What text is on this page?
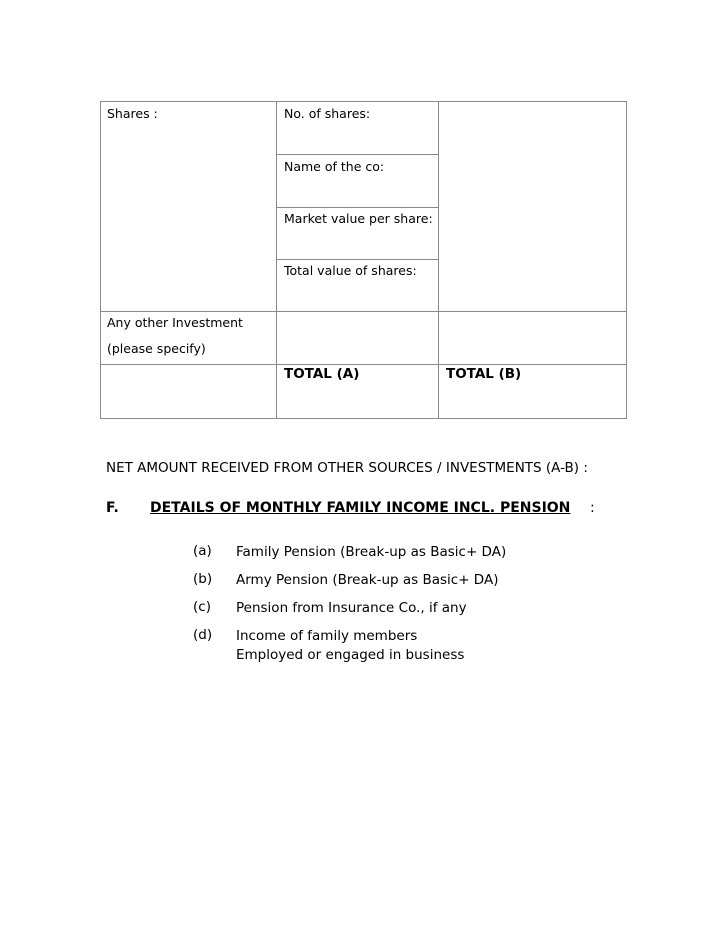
Shares :	No. of shares:
Name of the co:
Market value per share:
Total value of shares:
Any other Investment
(please specify)
TOTAL (A)	TOTAL (B)
NET AMOUNT RECEIVED FROM OTHER SOURCES / INVESTMENTS (A-B) :
F. DETAILS OF MONTHLY FAMILY INCOME INCL. PENSION :
(a) Family Pension (Break-up as Basic+ DA)
(b) Army Pension (Break-up as Basic+ DA)
(c) Pension from Insurance Co., if any
(d) Income of family members
Employed or engaged in business
